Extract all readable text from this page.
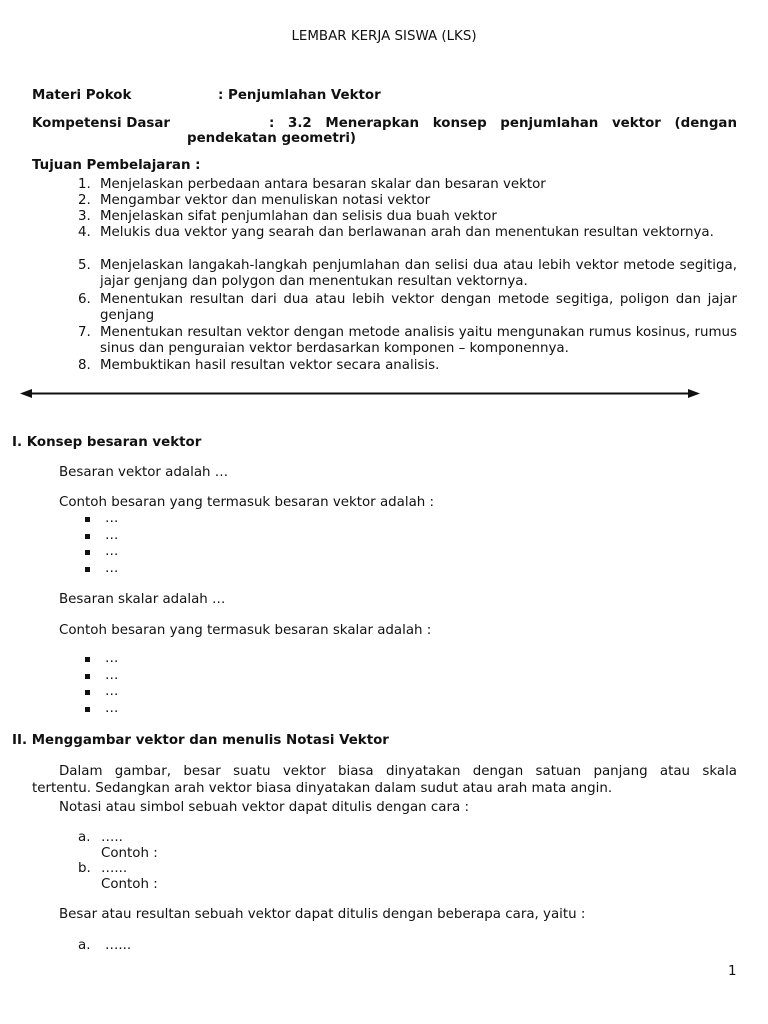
LEMBAR KERJA SISWA (LKS)
Materi Pokok	: Penjumlahan Vektor
Kompetensi Dasar	: 3.2 Menerapkan konsep penjumlahan vektor (dengan
pendekatan geometri)
Tujuan Pembelajaran :
1. Menjelaskan perbedaan antara besaran skalar dan besaran vektor
2. Mengambar vektor dan menuliskan notasi vektor
3. Menjelaskan sifat penjumlahan dan selisis dua buah vektor
4. Melukis dua vektor yang searah dan berlawanan arah dan menentukan resultan vektornya.
5. Menjelaskan langakah-langkah penjumlahan dan selisi dua atau lebih vektor metode segitiga, jajar genjang dan polygon dan menentukan resultan vektornya.
6. Menentukan resultan dari dua atau lebih vektor dengan metode segitiga, poligon dan jajar genjang
7. Menentukan resultan vektor dengan metode analisis yaitu mengunakan rumus kosinus, rumus sinus dan penguraian vektor berdasarkan komponen – komponennya.
8. Membuktikan hasil resultan vektor secara analisis.
I. Konsep besaran vektor
Besaran vektor adalah …
Contoh besaran yang termasuk besaran vektor adalah :
…
…
…
…
Besaran skalar adalah …
Contoh besaran yang termasuk besaran skalar adalah :
…
…
…
…
II. Menggambar vektor dan menulis Notasi Vektor
Dalam gambar, besar suatu vektor biasa dinyatakan dengan satuan panjang atau skala
tertentu. Sedangkan arah vektor biasa dinyatakan dalam sudut atau arah mata angin.
Notasi atau simbol sebuah vektor dapat ditulis dengan cara :
a. …..
Contoh :
b. …...
Contoh :
Besar atau resultan sebuah vektor dapat ditulis dengan beberapa cara, yaitu :
a. …...
1
